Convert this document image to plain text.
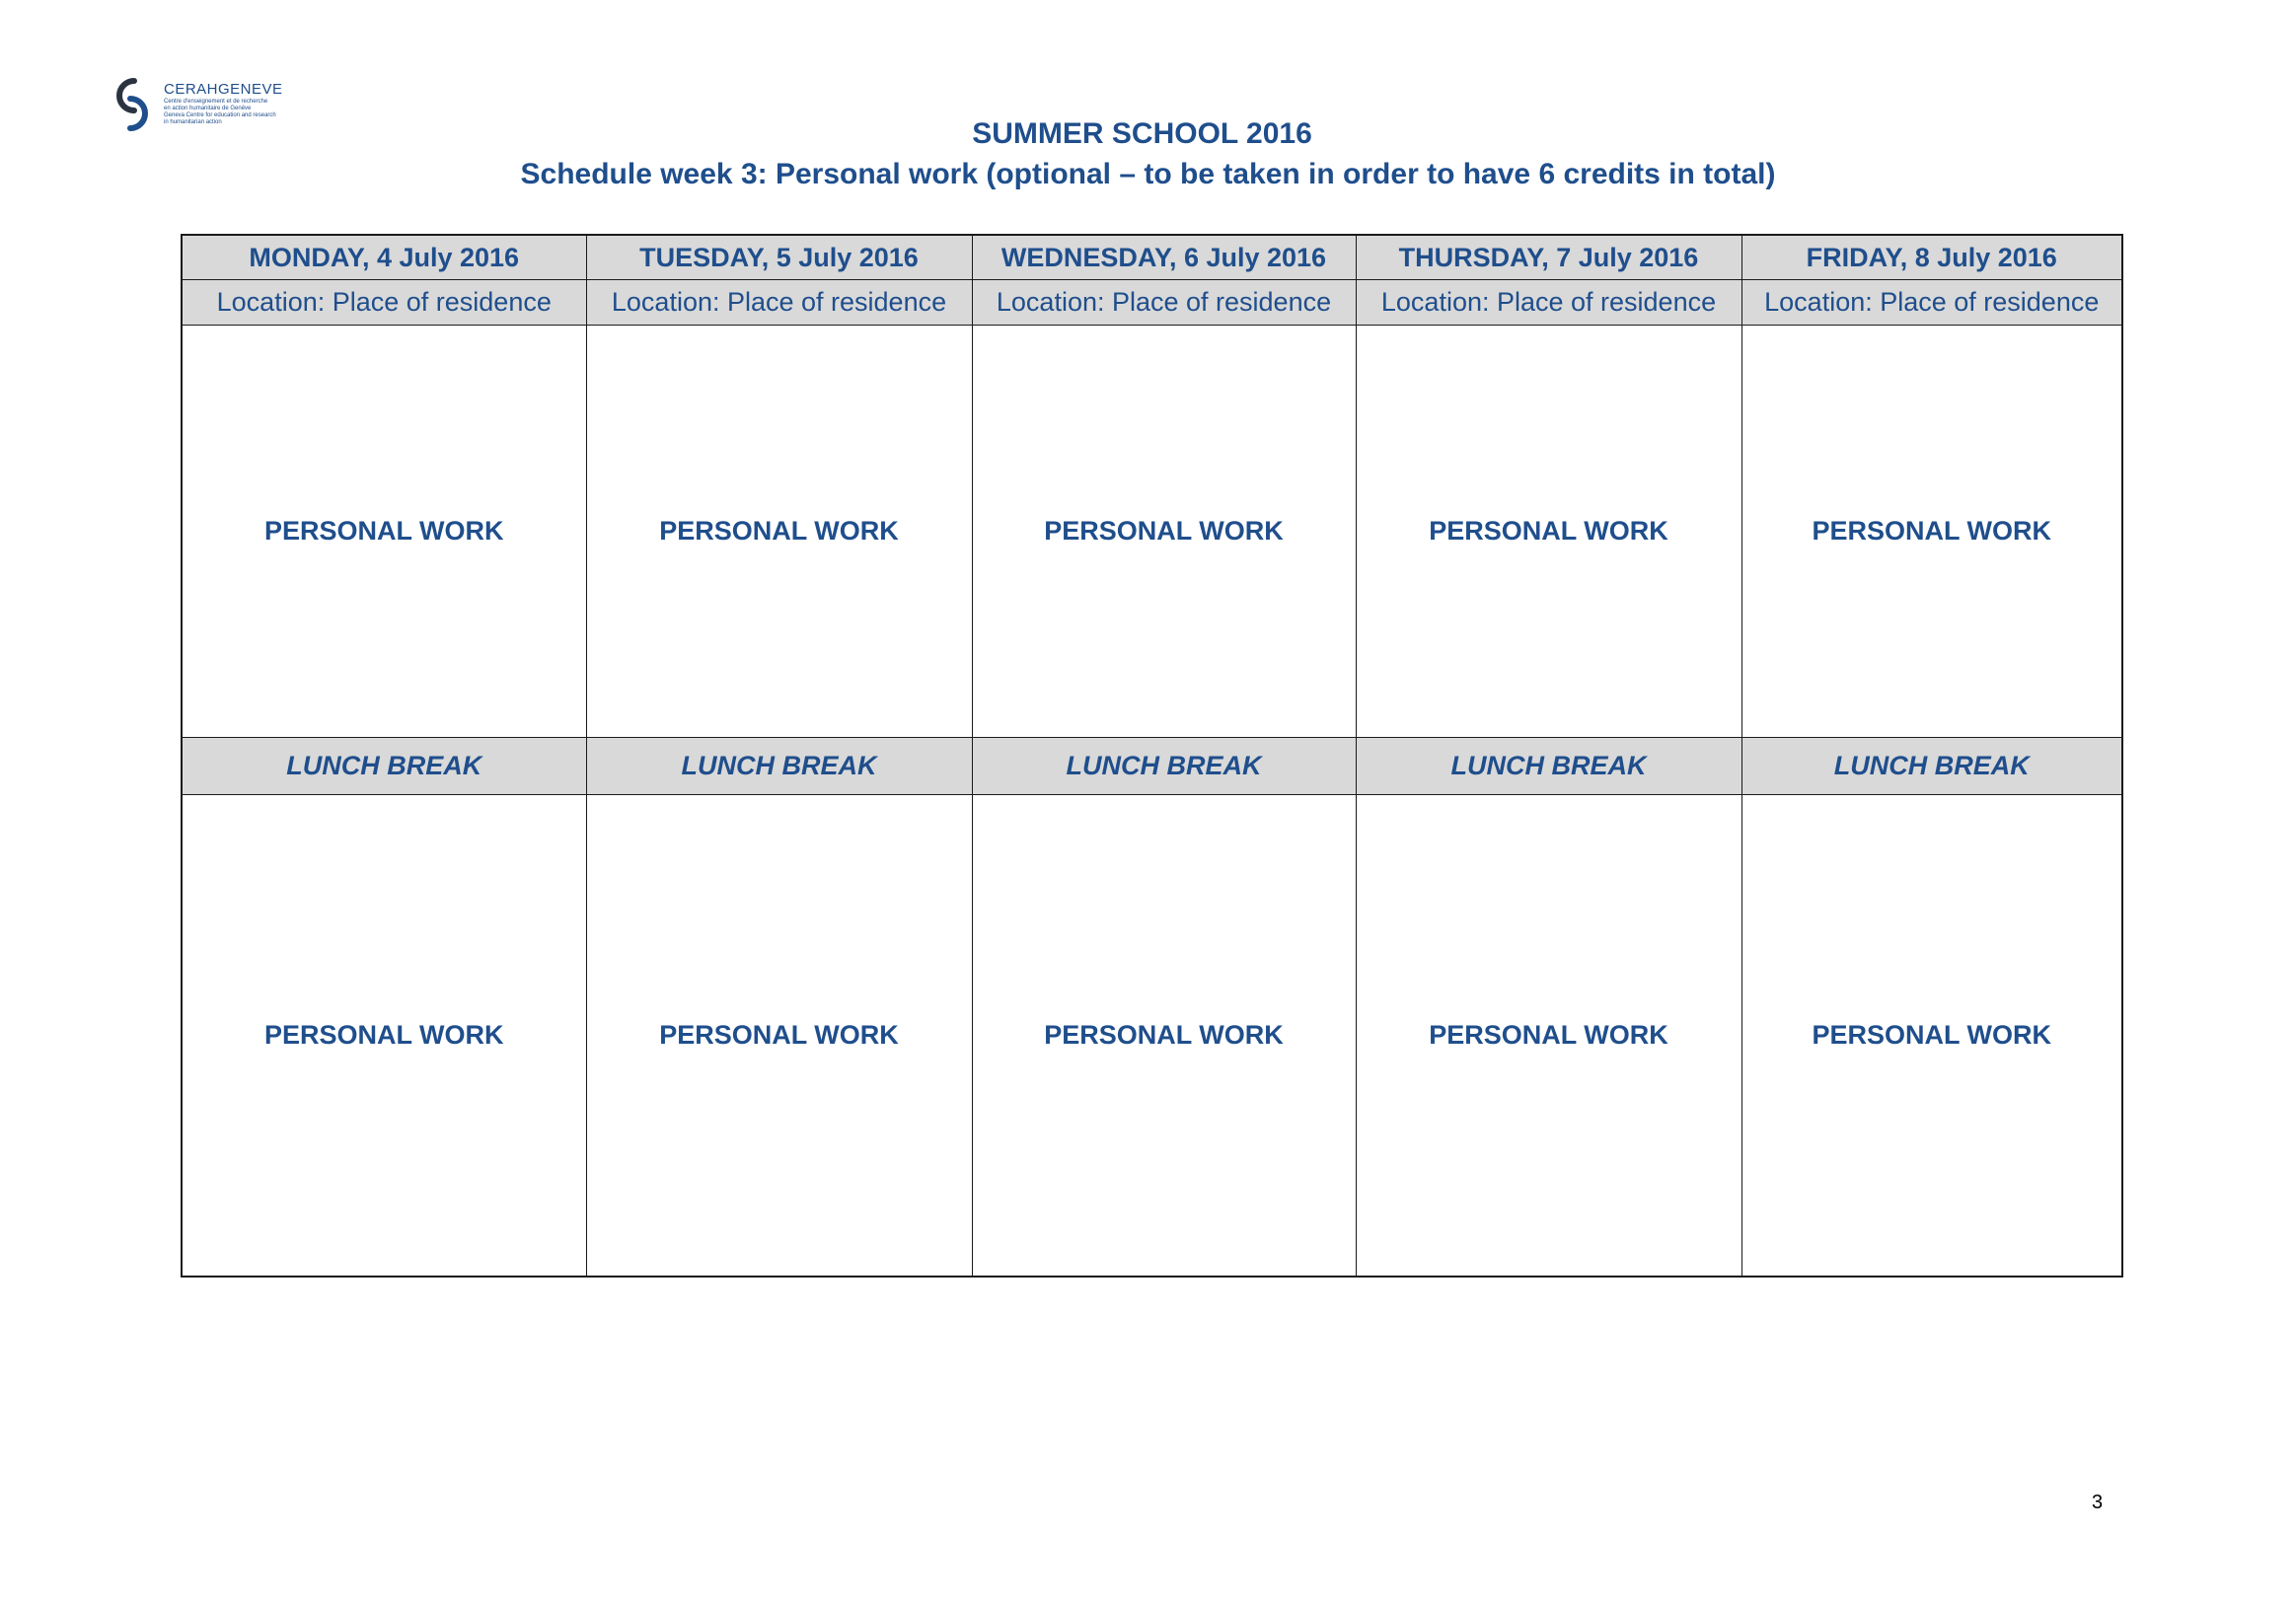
CERAHGENEVE
Centre d'enseignement et de recherche
en action humanitaire de Genève
Geneva Centre for education and research
in humanitarian action	SUMMER SCHOOL 2016
Schedule week 3: Personal work (optional – to be taken in order to have 6 credits in total)
MONDAY, 4 July 2016	TUESDAY, 5 July 2016	WEDNESDAY, 6 July 2016	THURSDAY, 7 July 2016	FRIDAY, 8 July 2016
Location: Place of residence	Location: Place of residence	Location: Place of residence	Location: Place of residence	Location: Place of residence
PERSONAL WORK	PERSONAL WORK	PERSONAL WORK	PERSONAL WORK	PERSONAL WORK
LUNCH BREAK	LUNCH BREAK	LUNCH BREAK	LUNCH BREAK	LUNCH BREAK
PERSONAL WORK	PERSONAL WORK	PERSONAL WORK	PERSONAL WORK	PERSONAL WORK
3
